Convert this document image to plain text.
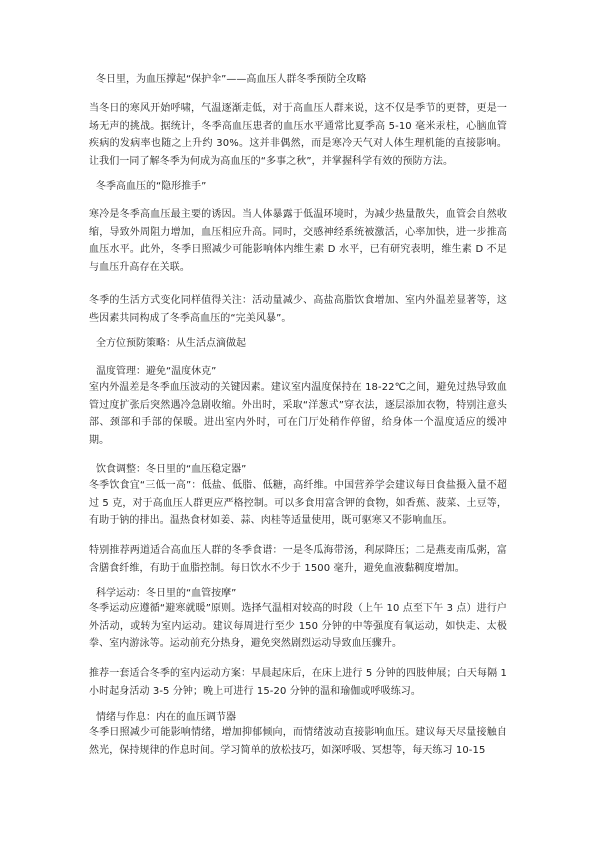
冬日里，为血压撑起“保护伞”——高血压人群冬季预防全攻略
当冬日的寒风开始呼啸，气温逐渐走低，对于高血压人群来说，这不仅是季节的更替，更是一场无声的挑战。据统计，冬季高血压患者的血压水平通常比夏季高 5-10 毫米汞柱，心脑血管疾病的发病率也随之上升约 30%。这并非偶然，而是寒冷天气对人体生理机能的直接影响。让我们一同了解冬季为何成为高血压的“多事之秋”，并掌握科学有效的预防方法。
冬季高血压的“隐形推手”
寒冷是冬季高血压最主要的诱因。当人体暴露于低温环境时，为减少热量散失，血管会自然收缩，导致外周阻力增加，血压相应升高。同时，交感神经系统被激活，心率加快，进一步推高血压水平。此外，冬季日照减少可能影响体内维生素 D 水平，已有研究表明，维生素 D 不足与血压升高存在关联。
冬季的生活方式变化同样值得关注：活动量减少、高盐高脂饮食增加、室内外温差显著等，这些因素共同构成了冬季高血压的“完美风暴”。
全方位预防策略：从生活点滴做起
温度管理：避免“温度休克”
室内外温差是冬季血压波动的关键因素。建议室内温度保持在 18-22℃之间，避免过热导致血管过度扩张后突然遇冷急剧收缩。外出时，采取“洋葱式”穿衣法，逐层添加衣物，特别注意头部、颈部和手部的保暖。进出室内外时，可在门厅处稍作停留，给身体一个温度适应的缓冲期。
饮食调整：冬日里的“血压稳定器”
冬季饮食宜“三低一高”：低盐、低脂、低糖，高纤维。中国营养学会建议每日食盐摄入量不超过 5 克，对于高血压人群更应严格控制。可以多食用富含钾的食物，如香蕉、菠菜、土豆等，有助于钠的排出。温热食材如姜、蒜、肉桂等适量使用，既可驱寒又不影响血压。
特别推荐两道适合高血压人群的冬季食谱：一是冬瓜海带汤，利尿降压；二是燕麦南瓜粥，富含膳食纤维，有助于血脂控制。每日饮水不少于 1500 毫升，避免血液黏稠度增加。
科学运动：冬日里的“血管按摩”
冬季运动应遵循“避寒就暖”原则。选择气温相对较高的时段（上午 10 点至下午 3 点）进行户外活动，或转为室内运动。建议每周进行至少 150 分钟的中等强度有氧运动，如快走、太极拳、室内游泳等。运动前充分热身，避免突然剧烈运动导致血压骤升。
推荐一套适合冬季的室内运动方案：早晨起床后，在床上进行 5 分钟的四肢伸展；白天每隔 1 小时起身活动 3-5 分钟；晚上可进行 15-20 分钟的温和瑜伽或呼吸练习。
情绪与作息：内在的血压调节器
冬季日照减少可能影响情绪，增加抑郁倾向，而情绪波动直接影响血压。建议每天尽量接触自然光，保持规律的作息时间。学习简单的放松技巧，如深呼吸、冥想等，每天练习 10-15
